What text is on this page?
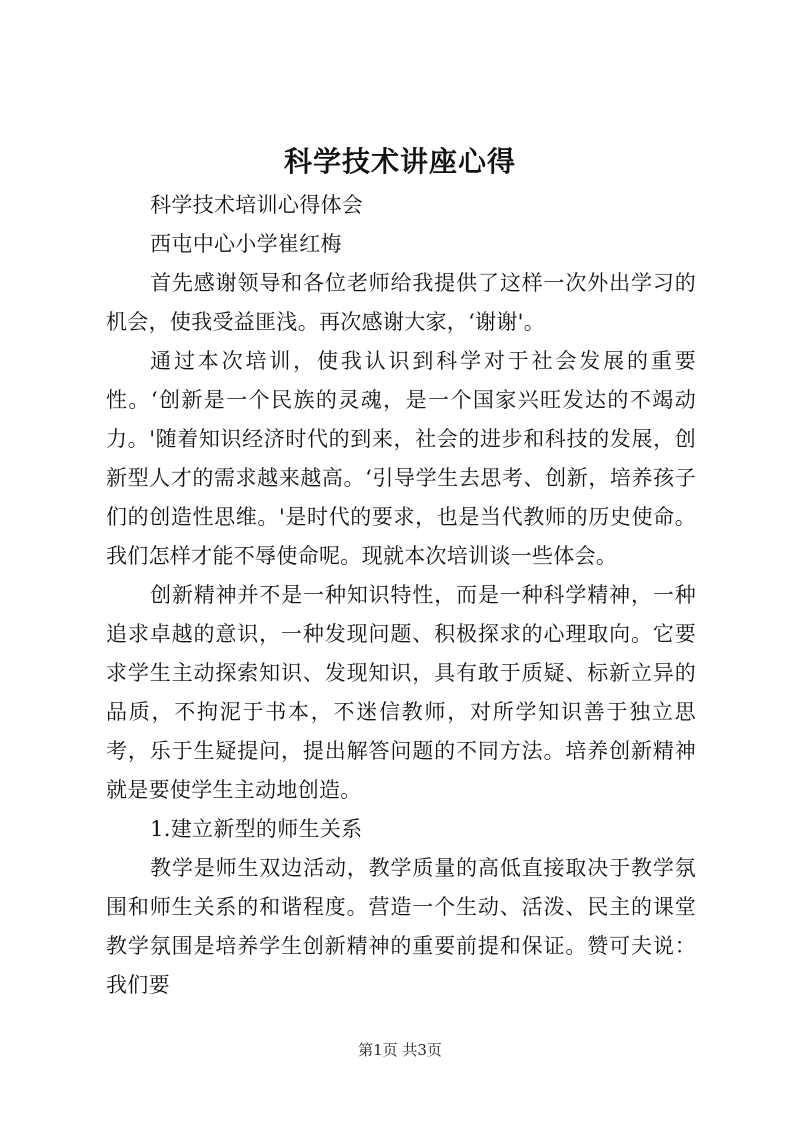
科学技术讲座心得

科学技术培训心得体会

西屯中心小学崔红梅

首先感谢领导和各位老师给我提供了这样一次外出学习的机会，使我受益匪浅。再次感谢大家，‘谢谢'。

通过本次培训，使我认识到科学对于社会发展的重要性。‘创新是一个民族的灵魂，是一个国家兴旺发达的不竭动力。'随着知识经济时代的到来，社会的进步和科技的发展，创新型人才的需求越来越高。‘引导学生去思考、创新，培养孩子们的创造性思维。'是时代的要求，也是当代教师的历史使命。我们怎样才能不辱使命呢。现就本次培训谈一些体会。

创新精神并不是一种知识特性，而是一种科学精神，一种追求卓越的意识，一种发现问题、积极探求的心理取向。它要求学生主动探索知识、发现知识，具有敢于质疑、标新立异的品质，不拘泥于书本，不迷信教师，对所学知识善于独立思考，乐于生疑提问，提出解答问题的不同方法。培养创新精神就是要使学生主动地创造。

1.建立新型的师生关系

教学是师生双边活动，教学质量的高低直接取决于教学氛围和师生关系的和谐程度。营造一个生动、活泼、民主的课堂教学氛围是培养学生创新精神的重要前提和保证。赞可夫说：我们要

第1页 共3页
